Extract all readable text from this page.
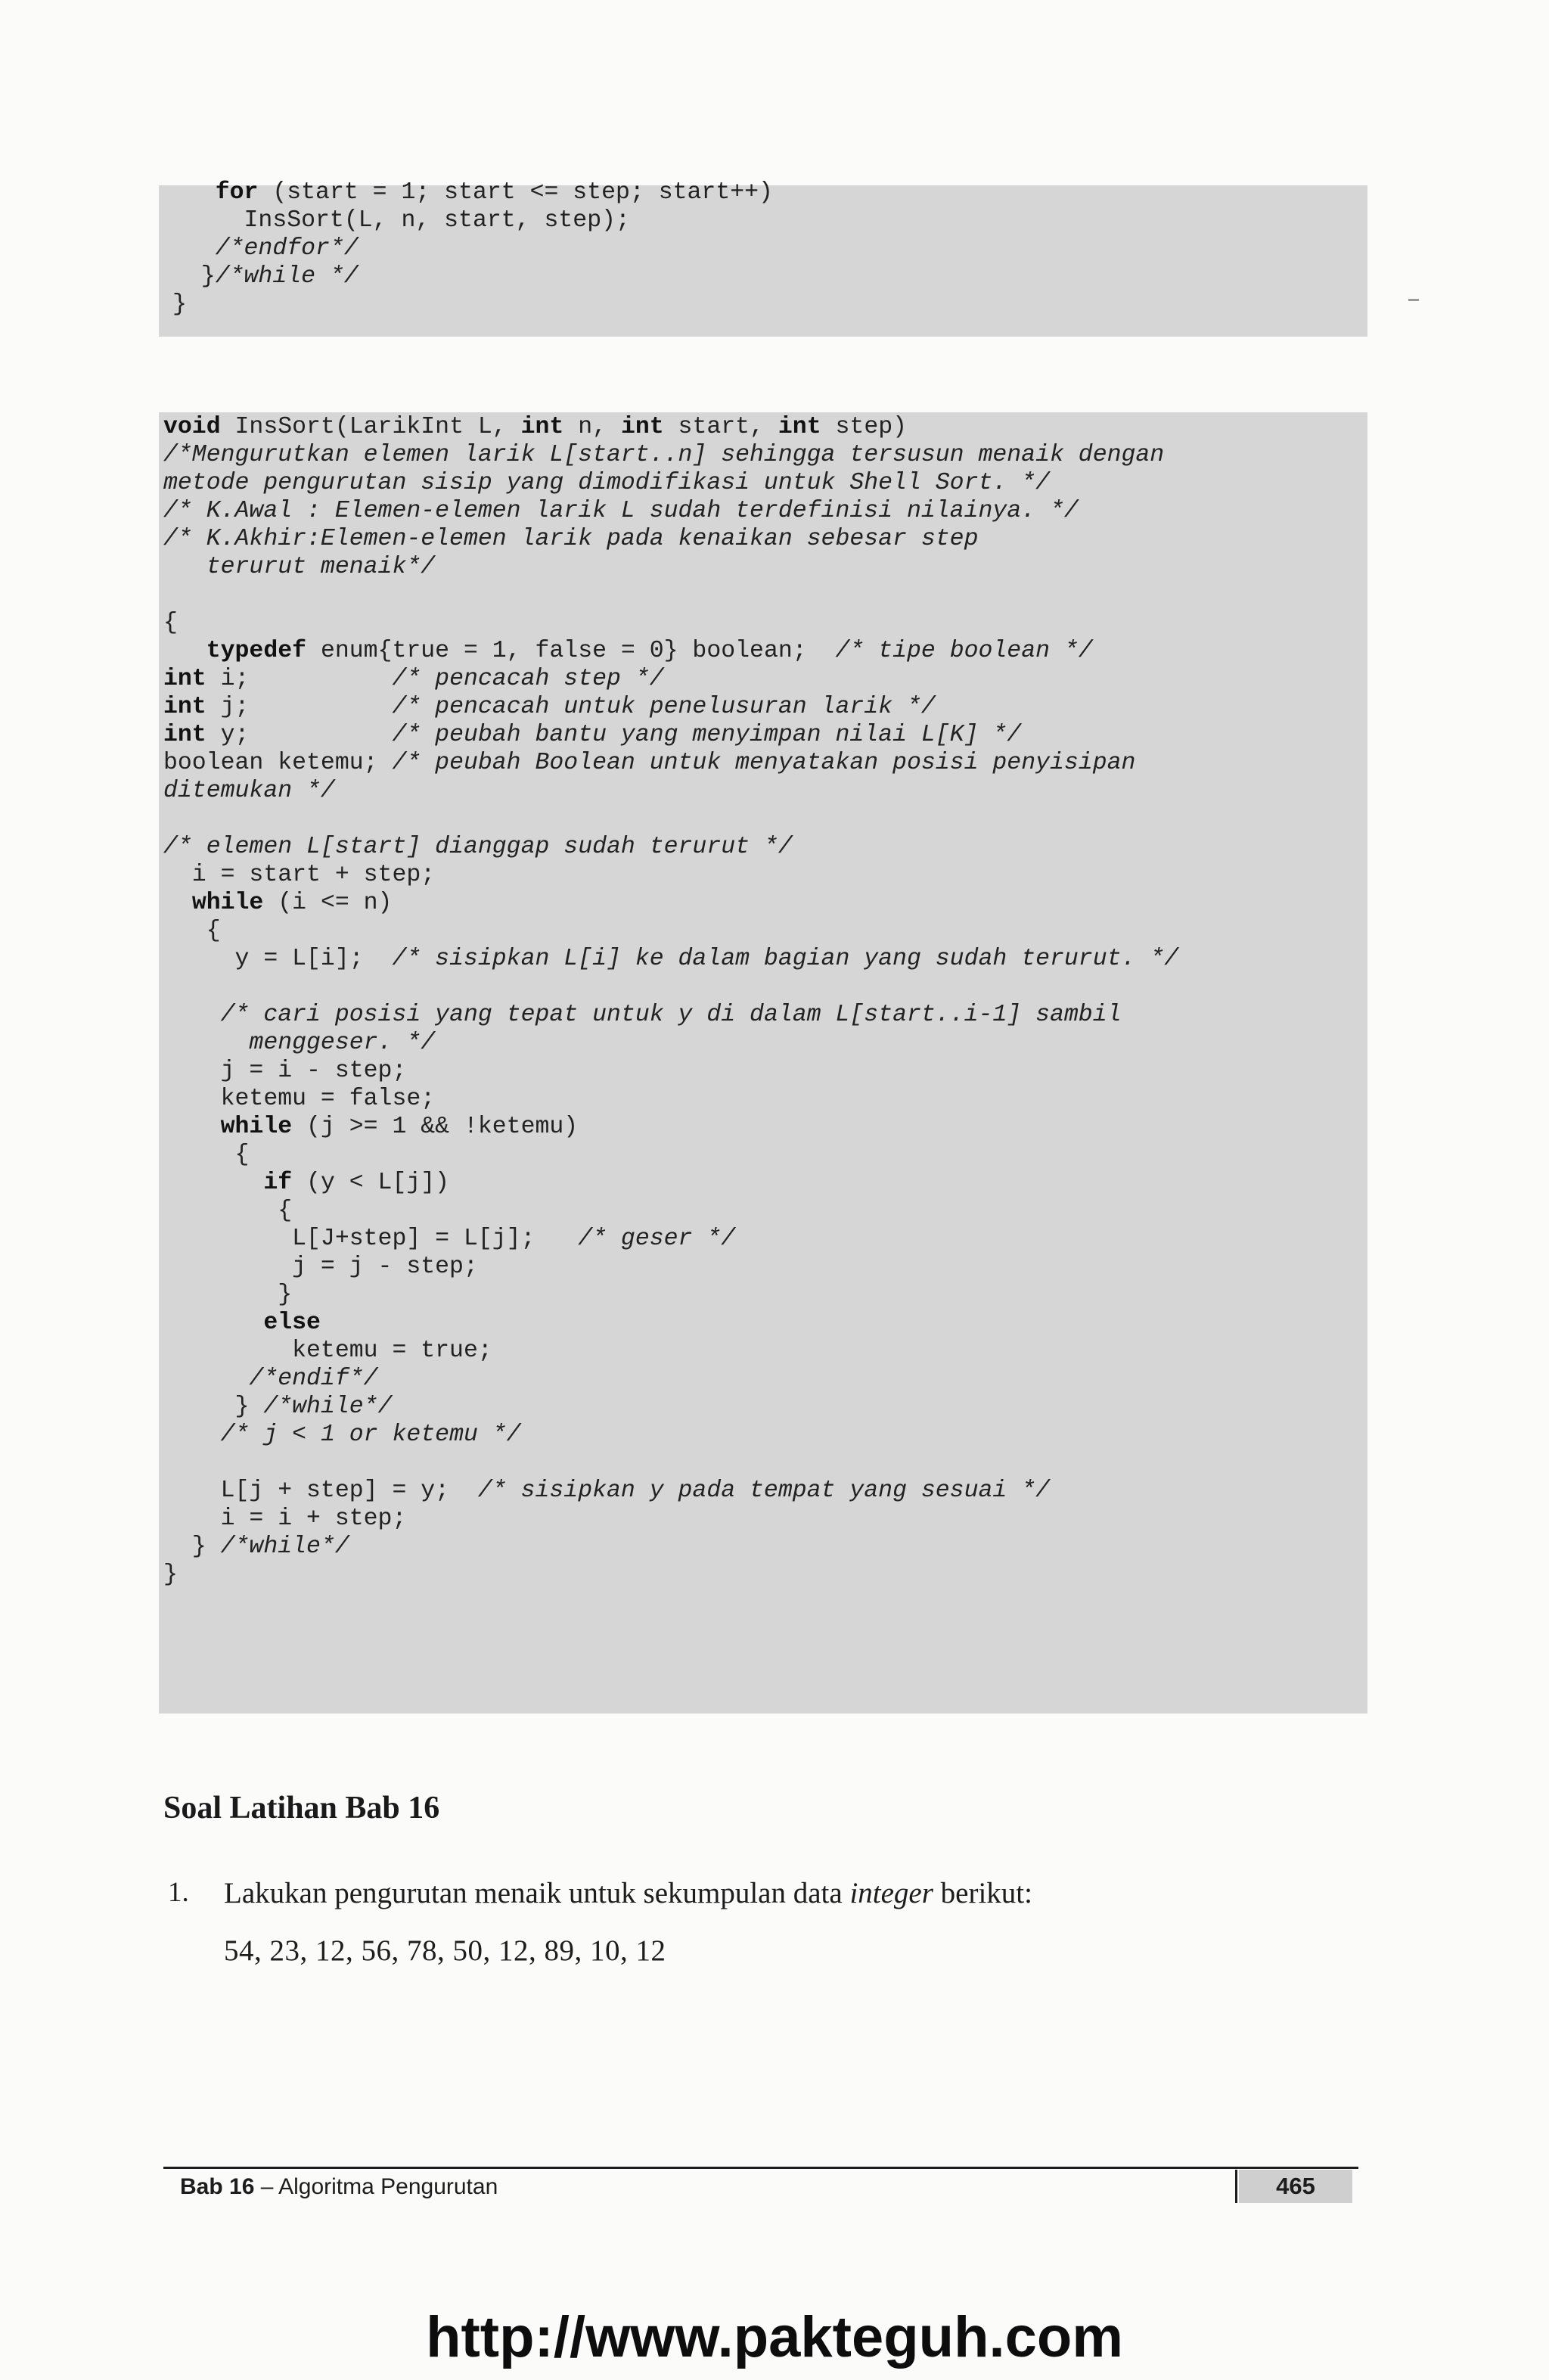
for (start = 1; start <= step; start++)
InsSort(L, n, start, step);
/*endfor*/
}/*while */
}
void InsSort(LarikInt L, int n, int start, int step)
/*Mengurutkan elemen larik L[start..n] sehingga tersusun menaik dengan
metode pengurutan sisip yang dimodifikasi untuk Shell Sort. */
/* K.Awal : Elemen-elemen larik L sudah terdefinisi nilainya. */
/* K.Akhir:Elemen-elemen larik pada kenaikan sebesar step
terurut menaik*/

{
typedef enum{true = 1, false = 0} boolean;  /* tipe boolean */
int i;          /* pencacah step */
int j;          /* pencacah untuk penelusuran larik */
int y;          /* peubah bantu yang menyimpan nilai L[K] */
boolean ketemu; /* peubah Boolean untuk menyatakan posisi penyisipan
ditemukan */

/* elemen L[start] dianggap sudah terurut */
i = start + step;
while (i <= n)
{
y = L[i];  /* sisipkan L[i] ke dalam bagian yang sudah terurut. */

/* cari posisi yang tepat untuk y di dalam L[start..i-1] sambil
menggeser. */
j = i - step;
ketemu = false;
while (j >= 1 && !ketemu)
{
if (y < L[j])
{
L[J+step] = L[j];   /* geser */
j = j - step;
}
else
ketemu = true;
/*endif*/
} /*while*/
/* j < 1 or ketemu */

L[j + step] = y;  /* sisipkan y pada tempat yang sesuai */
i = i + step;
} /*while*/
}
Soal Latihan Bab 16
1. Lakukan pengurutan menaik untuk sekumpulan data integer berikut:
54, 23, 12, 56, 78, 50, 12, 89, 10, 12
Bab 16 – Algoritma Pengurutan	465
http://www.pakteguh.com
